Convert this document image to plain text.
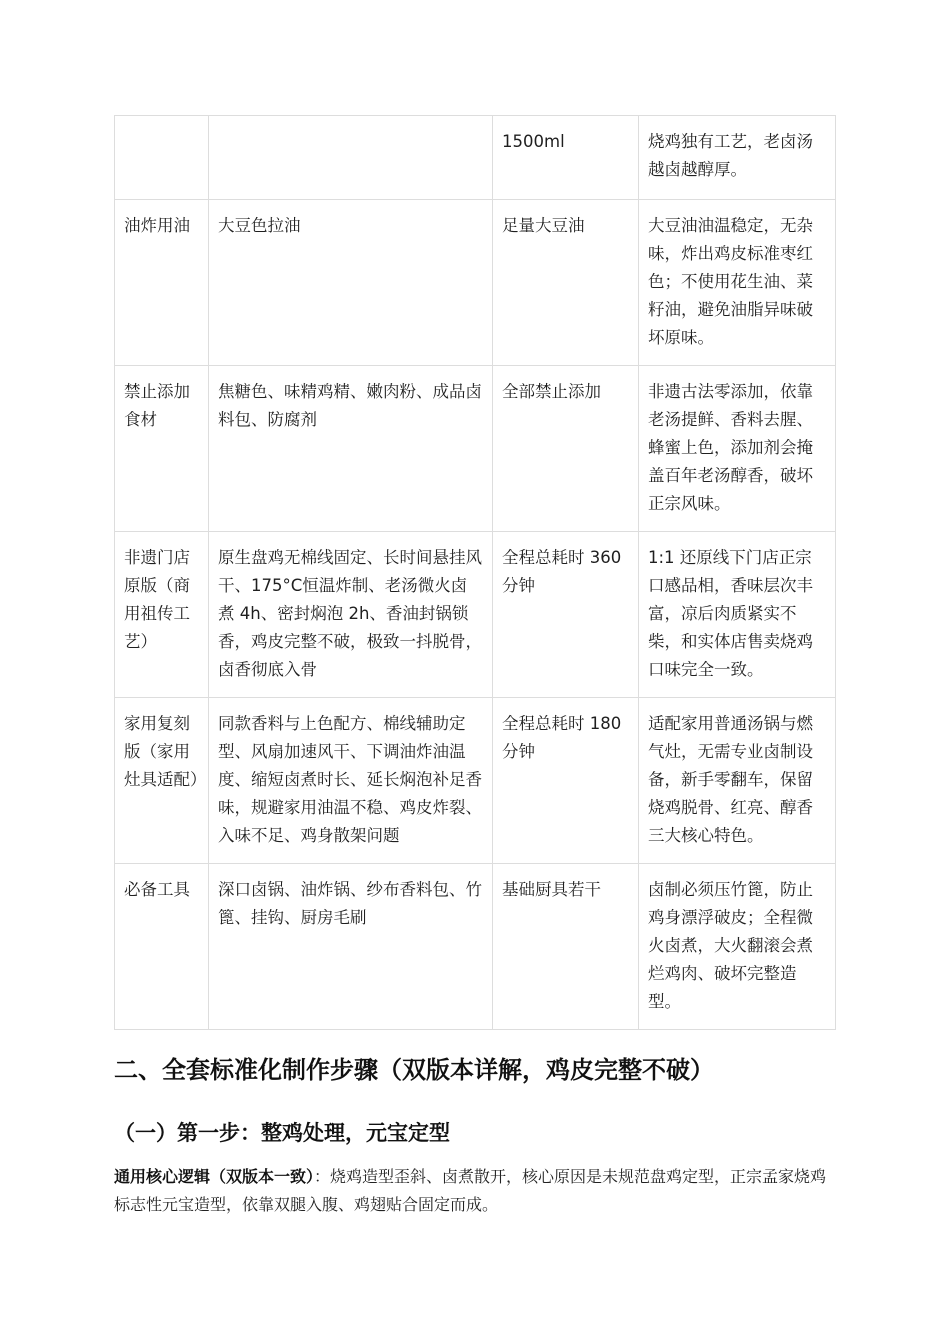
		1500ml	烧鸡独有工艺，老卤汤越卤越醇厚。
油炸用油	大豆色拉油	足量大豆油	大豆油油温稳定，无杂味，炸出鸡皮标准枣红色；不使用花生油、菜籽油，避免油脂异味破坏原味。
禁止添加食材	焦糖色、味精鸡精、嫩肉粉、成品卤料包、防腐剂	全部禁止添加	非遗古法零添加，依靠老汤提鲜、香料去腥、蜂蜜上色，添加剂会掩盖百年老汤醇香，破坏正宗风味。
非遗门店原版（商用祖传工艺）	原生盘鸡无棉线固定、长时间悬挂风干、175°C恒温炸制、老汤微火卤煮 4h、密封焖泡 2h、香油封锅锁香，鸡皮完整不破，极致一抖脱骨，卤香彻底入骨	全程总耗时 360 分钟	1:1 还原线下门店正宗口感品相，香味层次丰富，凉后肉质紧实不柴，和实体店售卖烧鸡口味完全一致。
家用复刻版（家用灶具适配）	同款香料与上色配方、棉线辅助定型、风扇加速风干、下调油炸油温度、缩短卤煮时长、延长焖泡补足香味，规避家用油温不稳、鸡皮炸裂、入味不足、鸡身散架问题	全程总耗时 180 分钟	适配家用普通汤锅与燃气灶，无需专业卤制设备，新手零翻车，保留烧鸡脱骨、红亮、醇香三大核心特色。
必备工具	深口卤锅、油炸锅、纱布香料包、竹篦、挂钩、厨房毛刷	基础厨具若干	卤制必须压竹篦，防止鸡身漂浮破皮；全程微火卤煮，大火翻滚会煮烂鸡肉、破坏完整造型。
二、全套标准化制作步骤（双版本详解，鸡皮完整不破）
（一）第一步：整鸡处理，元宝定型

通用核心逻辑（双版本一致）：烧鸡造型歪斜、卤煮散开，核心原因是未规范盘鸡定型，正宗孟家烧鸡标志性元宝造型，依靠双腿入腹、鸡翅贴合固定而成。
